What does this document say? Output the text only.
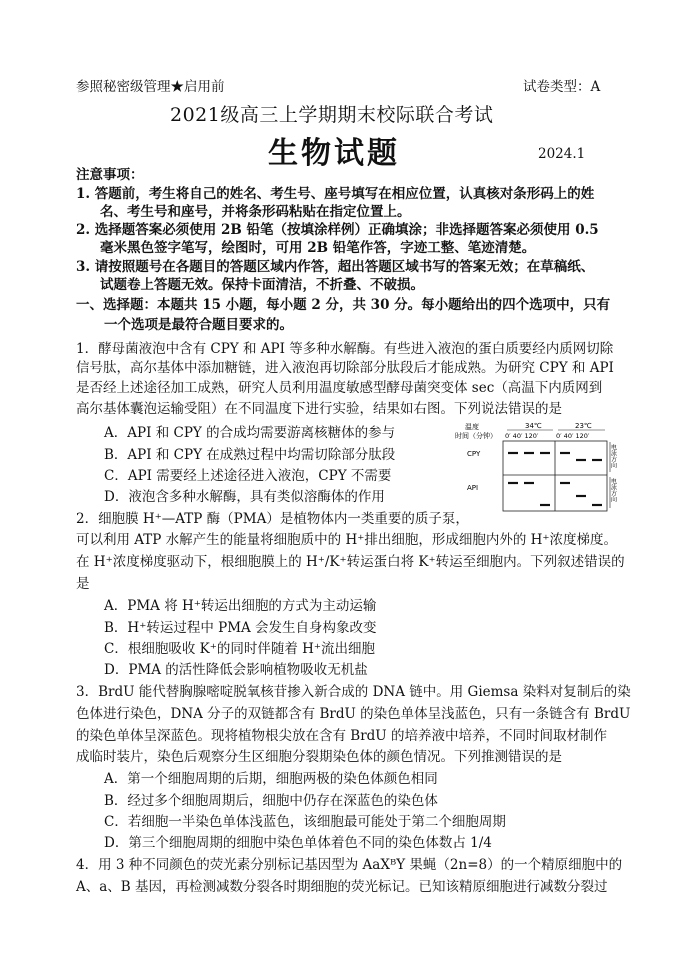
参照秘密级管理★启用前	试卷类型：A
2021级高三上学期期末校际联合考试
生物试题	2024.1
注意事项：
1. 答题前，考生将自己的姓名、考生号、座号填写在相应位置，认真核对条形码上的姓
名、考生号和座号，并将条形码粘贴在指定位置上。
2. 选择题答案必须使用 2B 铅笔（按填涂样例）正确填涂；非选择题答案必须使用 0.5
毫米黑色签字笔写，绘图时，可用 2B 铅笔作答，字迹工整、笔迹清楚。
3. 请按照题号在各题目的答题区域内作答，超出答题区域书写的答案无效；在草稿纸、
试题卷上答题无效。保持卡面清洁，不折叠、不破损。
一、选择题：本题共 15 小题，每小题 2 分，共 30 分。每小题给出的四个选项中，只有
一个选项是最符合题目要求的。
1．酵母菌液泡中含有 CPY 和 API 等多种水解酶。有些进入液泡的蛋白质要经内质网切除
信号肽，高尔基体中添加糖链，进入液泡再切除部分肽段后才能成熟。为研究 CPY 和 API
是否经上述途径加工成熟，研究人员利用温度敏感型酵母菌突变体 sec（高温下内质网到
高尔基体囊泡运输受阻）在不同温度下进行实验，结果如右图。下列说法错误的是
A．API 和 CPY 的合成均需要游离核糖体的参与
B．API 和 CPY 在成熟过程中均需切除部分肽段
C．API 需要经上述途径进入液泡，CPY 不需要
D．液泡含多种水解酶，具有类似溶酶体的作用
温度
时间（分钟）
34℃	23℃
0′ 40′ 120′	0′ 40′ 120′
CPY
API
电泳方向
电泳方向
2．细胞膜 H⁺—ATP 酶（PMA）是植物体内一类重要的质子泵，
可以利用 ATP 水解产生的能量将细胞质中的 H⁺排出细胞，形成细胞内外的 H⁺浓度梯度。
在 H⁺浓度梯度驱动下，根细胞膜上的 H⁺/K⁺转运蛋白将 K⁺转运至细胞内。下列叙述错误的
是
A．PMA 将 H⁺转运出细胞的方式为主动运输
B．H⁺转运过程中 PMA 会发生自身构象改变
C．根细胞吸收 K⁺的同时伴随着 H⁺流出细胞
D．PMA 的活性降低会影响植物吸收无机盐
3．BrdU 能代替胸腺嘧啶脱氧核苷掺入新合成的 DNA 链中。用 Giemsa 染料对复制后的染
色体进行染色，DNA 分子的双链都含有 BrdU 的染色单体呈浅蓝色，只有一条链含有 BrdU
的染色单体呈深蓝色。现将植物根尖放在含有 BrdU 的培养液中培养，不同时间取材制作
成临时装片，染色后观察分生区细胞分裂期染色体的颜色情况。下列推测错误的是
A．第一个细胞周期的后期，细胞两极的染色体颜色相同
B．经过多个细胞周期后，细胞中仍存在深蓝色的染色体
C．若细胞一半染色单体浅蓝色，该细胞最可能处于第二个细胞周期
D．第三个细胞周期的细胞中染色单体着色不同的染色体数占 1/4
4．用 3 种不同颜色的荧光素分别标记基因型为 AaXᴮY 果蝇（2n=8）的一个精原细胞中的
A、a、B 基因，再检测减数分裂各时期细胞的荧光标记。已知该精原细胞进行减数分裂过
